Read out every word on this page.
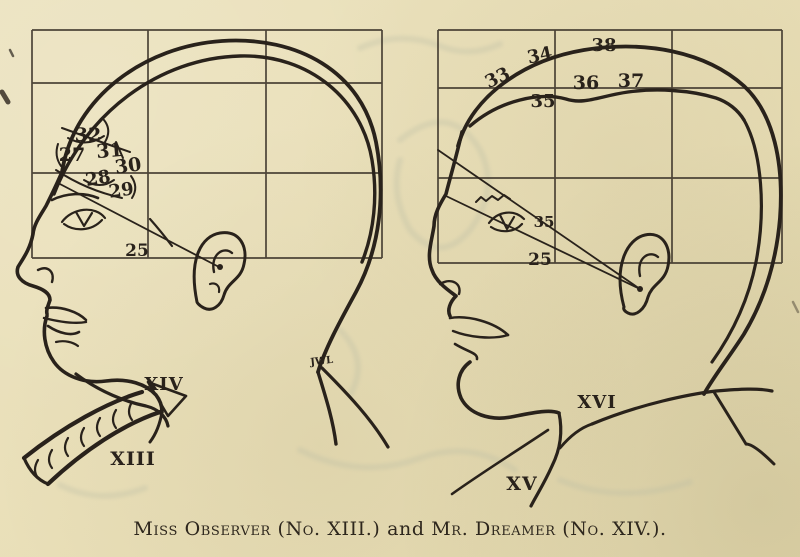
32
27 31
30
28
29
25
XIV
XIII
JWL
33
34 38
36 37
35
35
25
XVI
XV
Miss Observer (No. XIII.) and Mr. Dreamer (No. XIV.).
